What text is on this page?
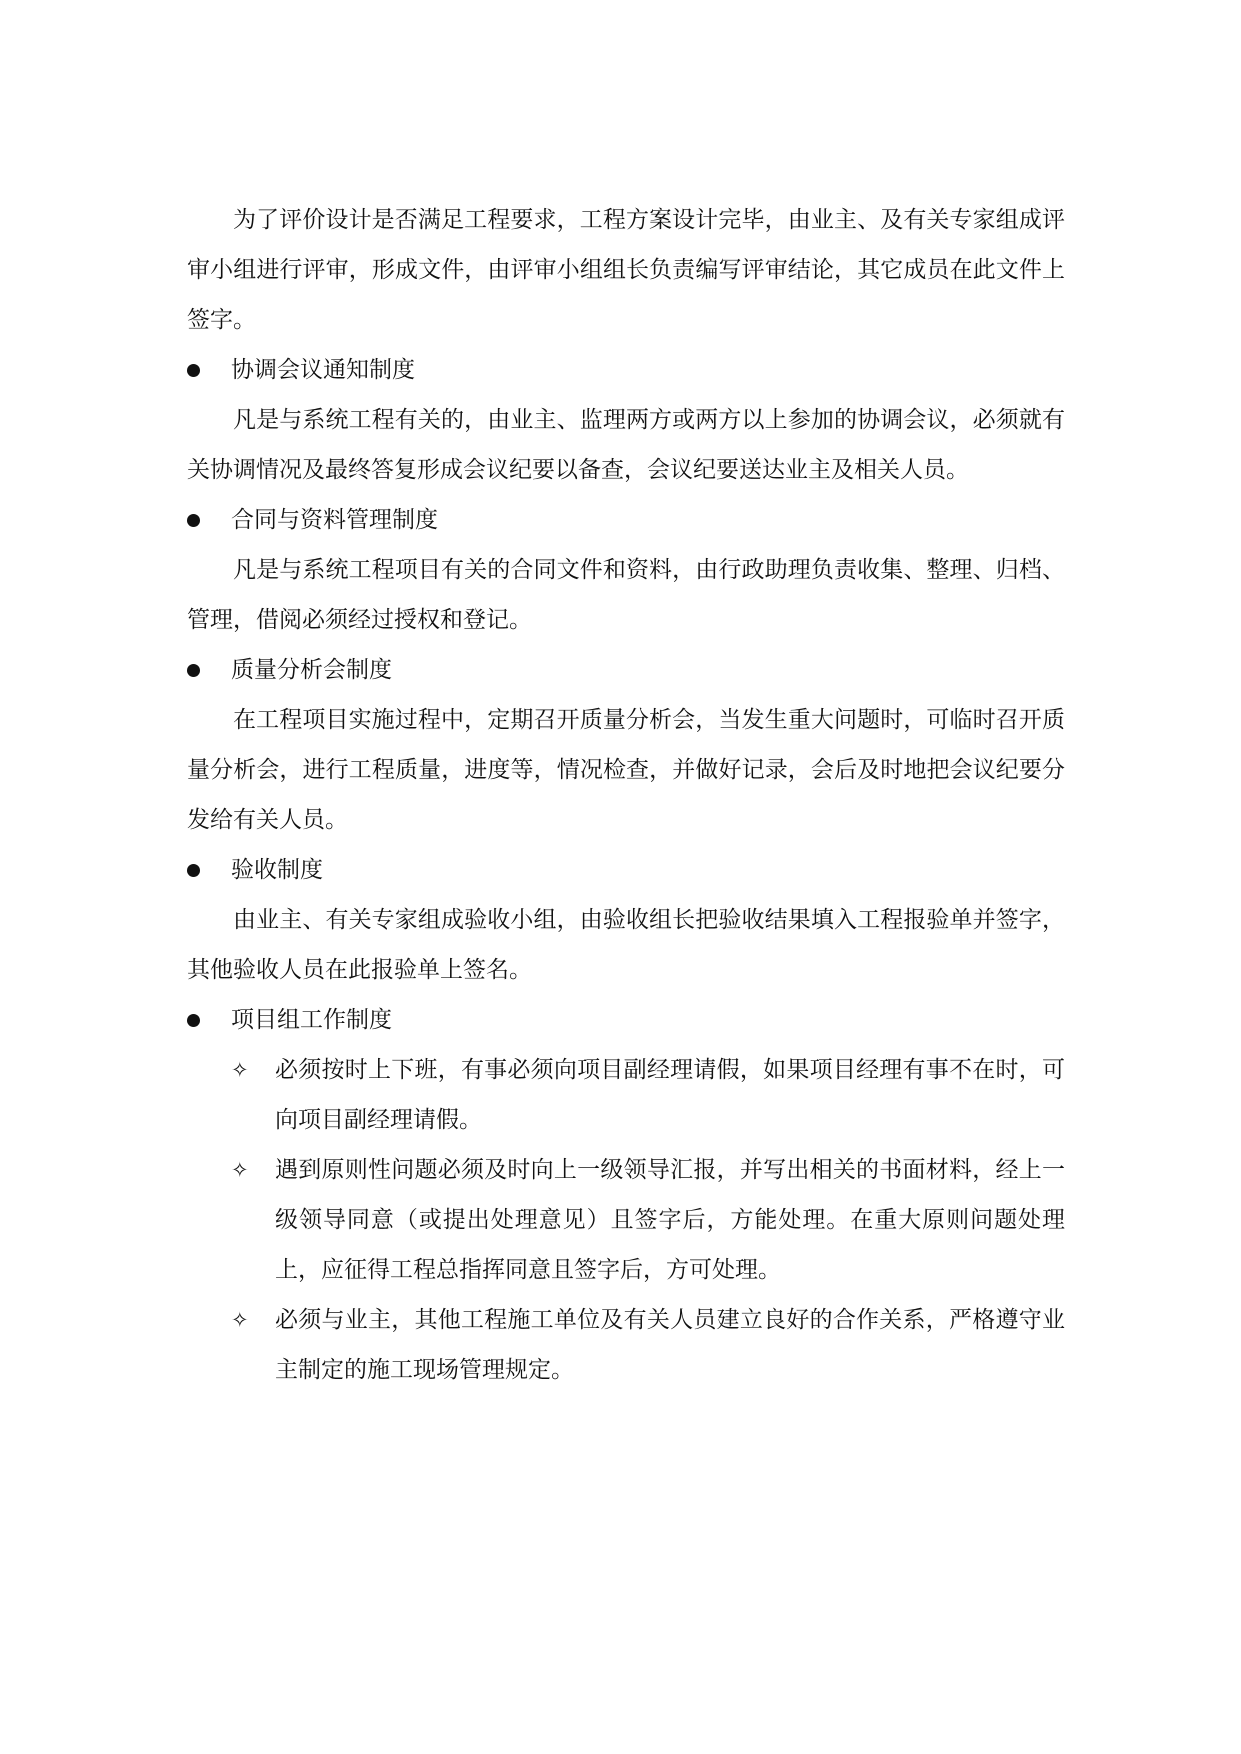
为了评价设计是否满足工程要求，工程方案设计完毕，由业主、及有关专家组成评审小组进行评审，形成文件，由评审小组组长负责编写评审结论，其它成员在此文件上签字。

协调会议通知制度

凡是与系统工程有关的，由业主、监理两方或两方以上参加的协调会议，必须就有关协调情况及最终答复形成会议纪要以备查，会议纪要送达业主及相关人员。

合同与资料管理制度

凡是与系统工程项目有关的合同文件和资料，由行政助理负责收集、整理、归档、管理，借阅必须经过授权和登记。

质量分析会制度

在工程项目实施过程中，定期召开质量分析会，当发生重大问题时，可临时召开质量分析会，进行工程质量，进度等，情况检查，并做好记录，会后及时地把会议纪要分发给有关人员。

验收制度

由业主、有关专家组成验收小组，由验收组长把验收结果填入工程报验单并签字，其他验收人员在此报验单上签名。

项目组工作制度
✧ 必须按时上下班，有事必须向项目副经理请假，如果项目经理有事不在时，可向项目副经理请假。
✧ 遇到原则性问题必须及时向上一级领导汇报，并写出相关的书面材料，经上一级领导同意（或提出处理意见）且签字后，方能处理。在重大原则问题处理上，应征得工程总指挥同意且签字后，方可处理。
✧ 必须与业主，其他工程施工单位及有关人员建立良好的合作关系，严格遵守业主制定的施工现场管理规定。
